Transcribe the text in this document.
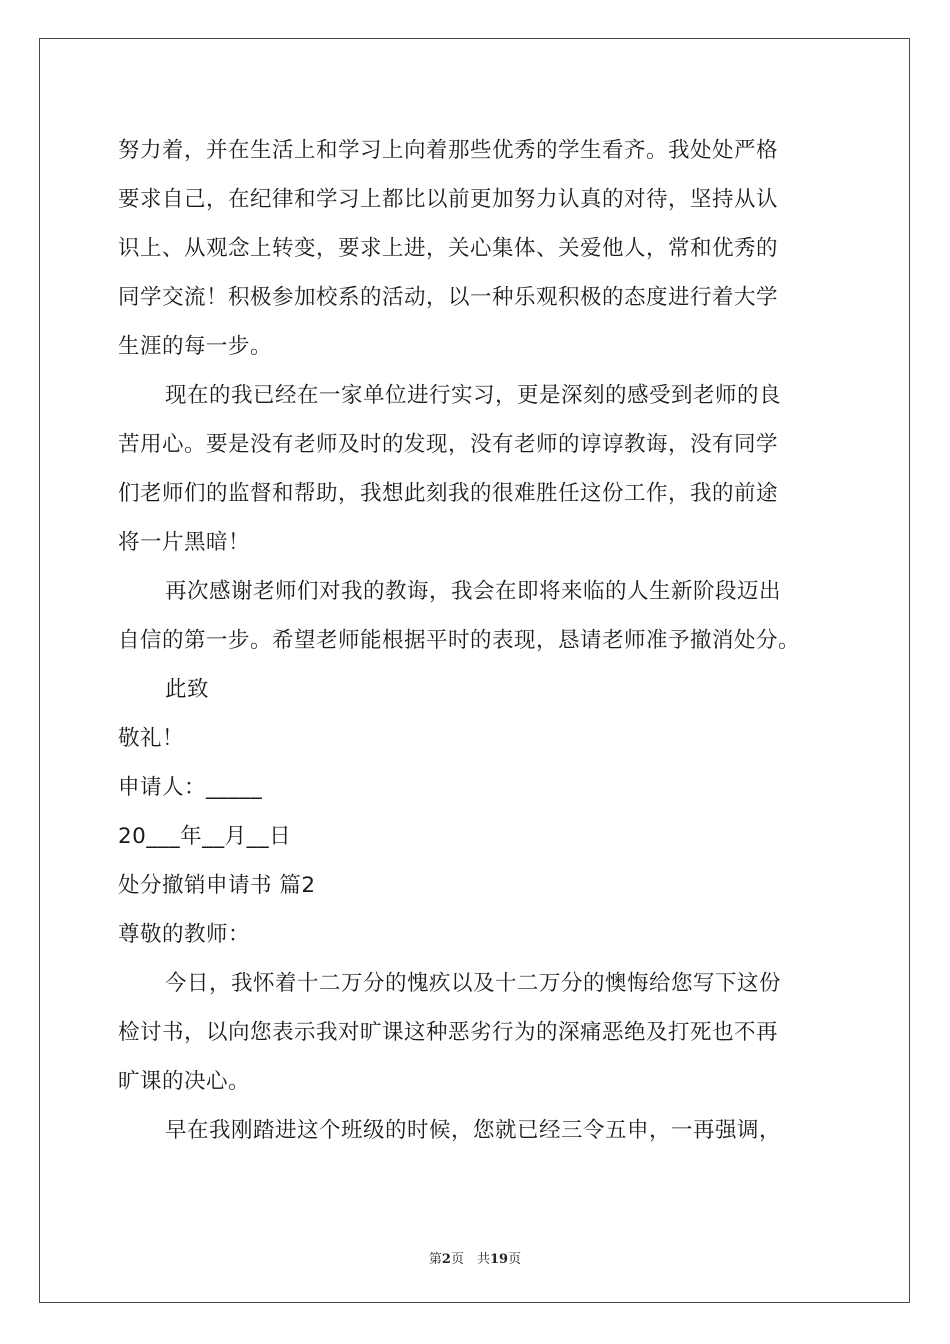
努力着，并在生活上和学习上向着那些优秀的学生看齐。我处处严格
要求自己，在纪律和学习上都比以前更加努力认真的对待，坚持从认
识上、从观念上转变，要求上进，关心集体、关爱他人，常和优秀的
同学交流！积极参加校系的活动，以一种乐观积极的态度进行着大学
生涯的每一步。
现在的我已经在一家单位进行实习，更是深刻的感受到老师的良
苦用心。要是没有老师及时的发现，没有老师的谆谆教诲，没有同学
们老师们的监督和帮助，我想此刻我的很难胜任这份工作，我的前途
将一片黑暗！
再次感谢老师们对我的教诲，我会在即将来临的人生新阶段迈出
自信的第一步。希望老师能根据平时的表现，恳请老师准予撤消处分。
此致
敬礼！
申请人：_____
20___年__月__日
处分撤销申请书 篇2
尊敬的教师：
今日，我怀着十二万分的愧疚以及十二万分的懊悔给您写下这份
检讨书，以向您表示我对旷课这种恶劣行为的深痛恶绝及打死也不再
旷课的决心。
早在我刚踏进这个班级的时候，您就已经三令五申，一再强调，
第2页　共19页
